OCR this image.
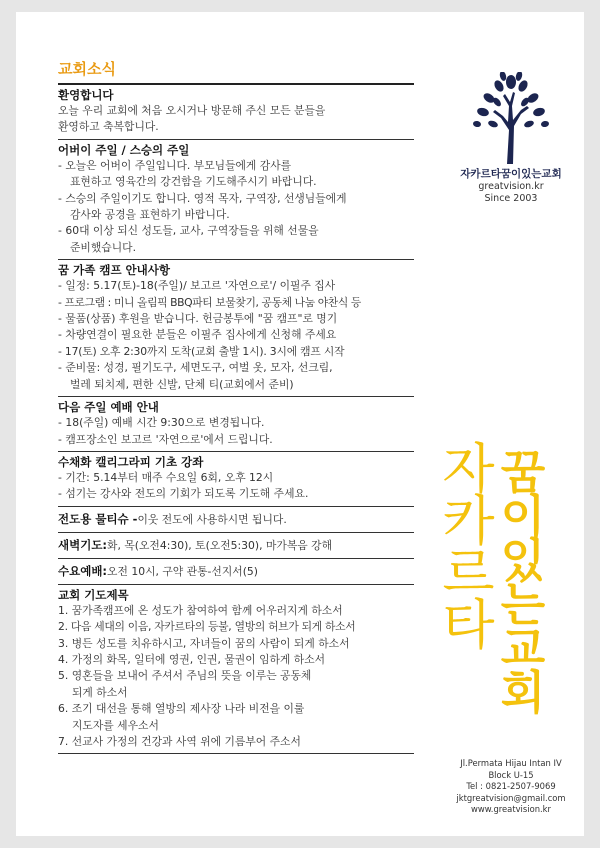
교회소식
환영합니다
오늘 우리 교회에 처음 오시거나 방문해 주신 모든 분들을
환영하고 축복합니다.
어버이 주일 / 스승의 주일
- 오늘은 어버이 주일입니다. 부모님들에게 감사를
표현하고 영육간의 강건함을 기도해주시기 바랍니다.
- 스승의 주일이기도 합니다. 영적 목자, 구역장, 선생님들에게
감사와 공경을 표현하기 바랍니다.
- 60대 이상 되신 성도들, 교사, 구역장들을 위해 선물을
준비했습니다.
꿈 가족 캠프 안내사항
- 일정: 5.17(토)-18(주일)/ 보고르 '자연으로'/ 이필주 집사
- 프로그램 : 미니 올림픽 BBQ파티 보물찾기, 공동체 나눔 야찬식 등
- 물품(상품) 후원을 받습니다. 헌금봉투에 "꿈 캠프"로 명기
- 차량연결이 필요한 분들은 이필주 집사에게 신청해 주세요
- 17(토) 오후 2:30까지 도착(교회 출발 1시). 3시에 캠프 시작
- 준비물: 성경, 필기도구, 세면도구, 여벌 옷, 모자, 선크림,
벌레 퇴치제, 편한 신발, 단체 티(교회에서 준비)
다음 주일 예배 안내
- 18(주일) 예배 시간 9:30으로 변경됩니다.
- 캠프장소인 보고르 '자연으로'에서 드립니다.
수채화 캘리그라피 기초 강좌
- 기간: 5.14부터 매주 수요일 6회, 오후 12시
- 섬기는 강사와 전도의 기회가 되도록 기도해 주세요.
전도용 물티슈 - 이웃 전도에 사용하시면 됩니다.
새벽기도: 화, 목(오전4:30), 토(오전5:30), 마가복음 강해
수요예배: 오전 10시, 구약 관통-선지서(5)
교회 기도제목
1. 꿈가족캠프에 온 성도가 참여하여 함께 어우러지게 하소서
2. 다음 세대의 이음, 자카르타의 등불, 열방의 허브가 되게 하소서
3. 병든 성도를 치유하시고, 자녀들이 꿈의 사람이 되게 하소서
4. 가정의 화목, 일터에 영권, 인권, 물권이 임하게 하소서
5. 영혼들을 보내어 주셔서 주님의 뜻을 이루는 공동체
되게 하소서
6. 조기 대선을 통해 열방의 제사장 나라 비전을 이룰
지도자를 세우소서
7. 선교사 가정의 건강과 사역 위에 기름부어 주소서
자카르타꿈이있는교회
greatvision.kr
Since 2003
자카르타
꿈이있는교회
Jl.Permata Hijau Intan IV
Block U-15
Tel : 0821-2507-9069
jktgreatvision@gmail.com
www.greatvision.kr
